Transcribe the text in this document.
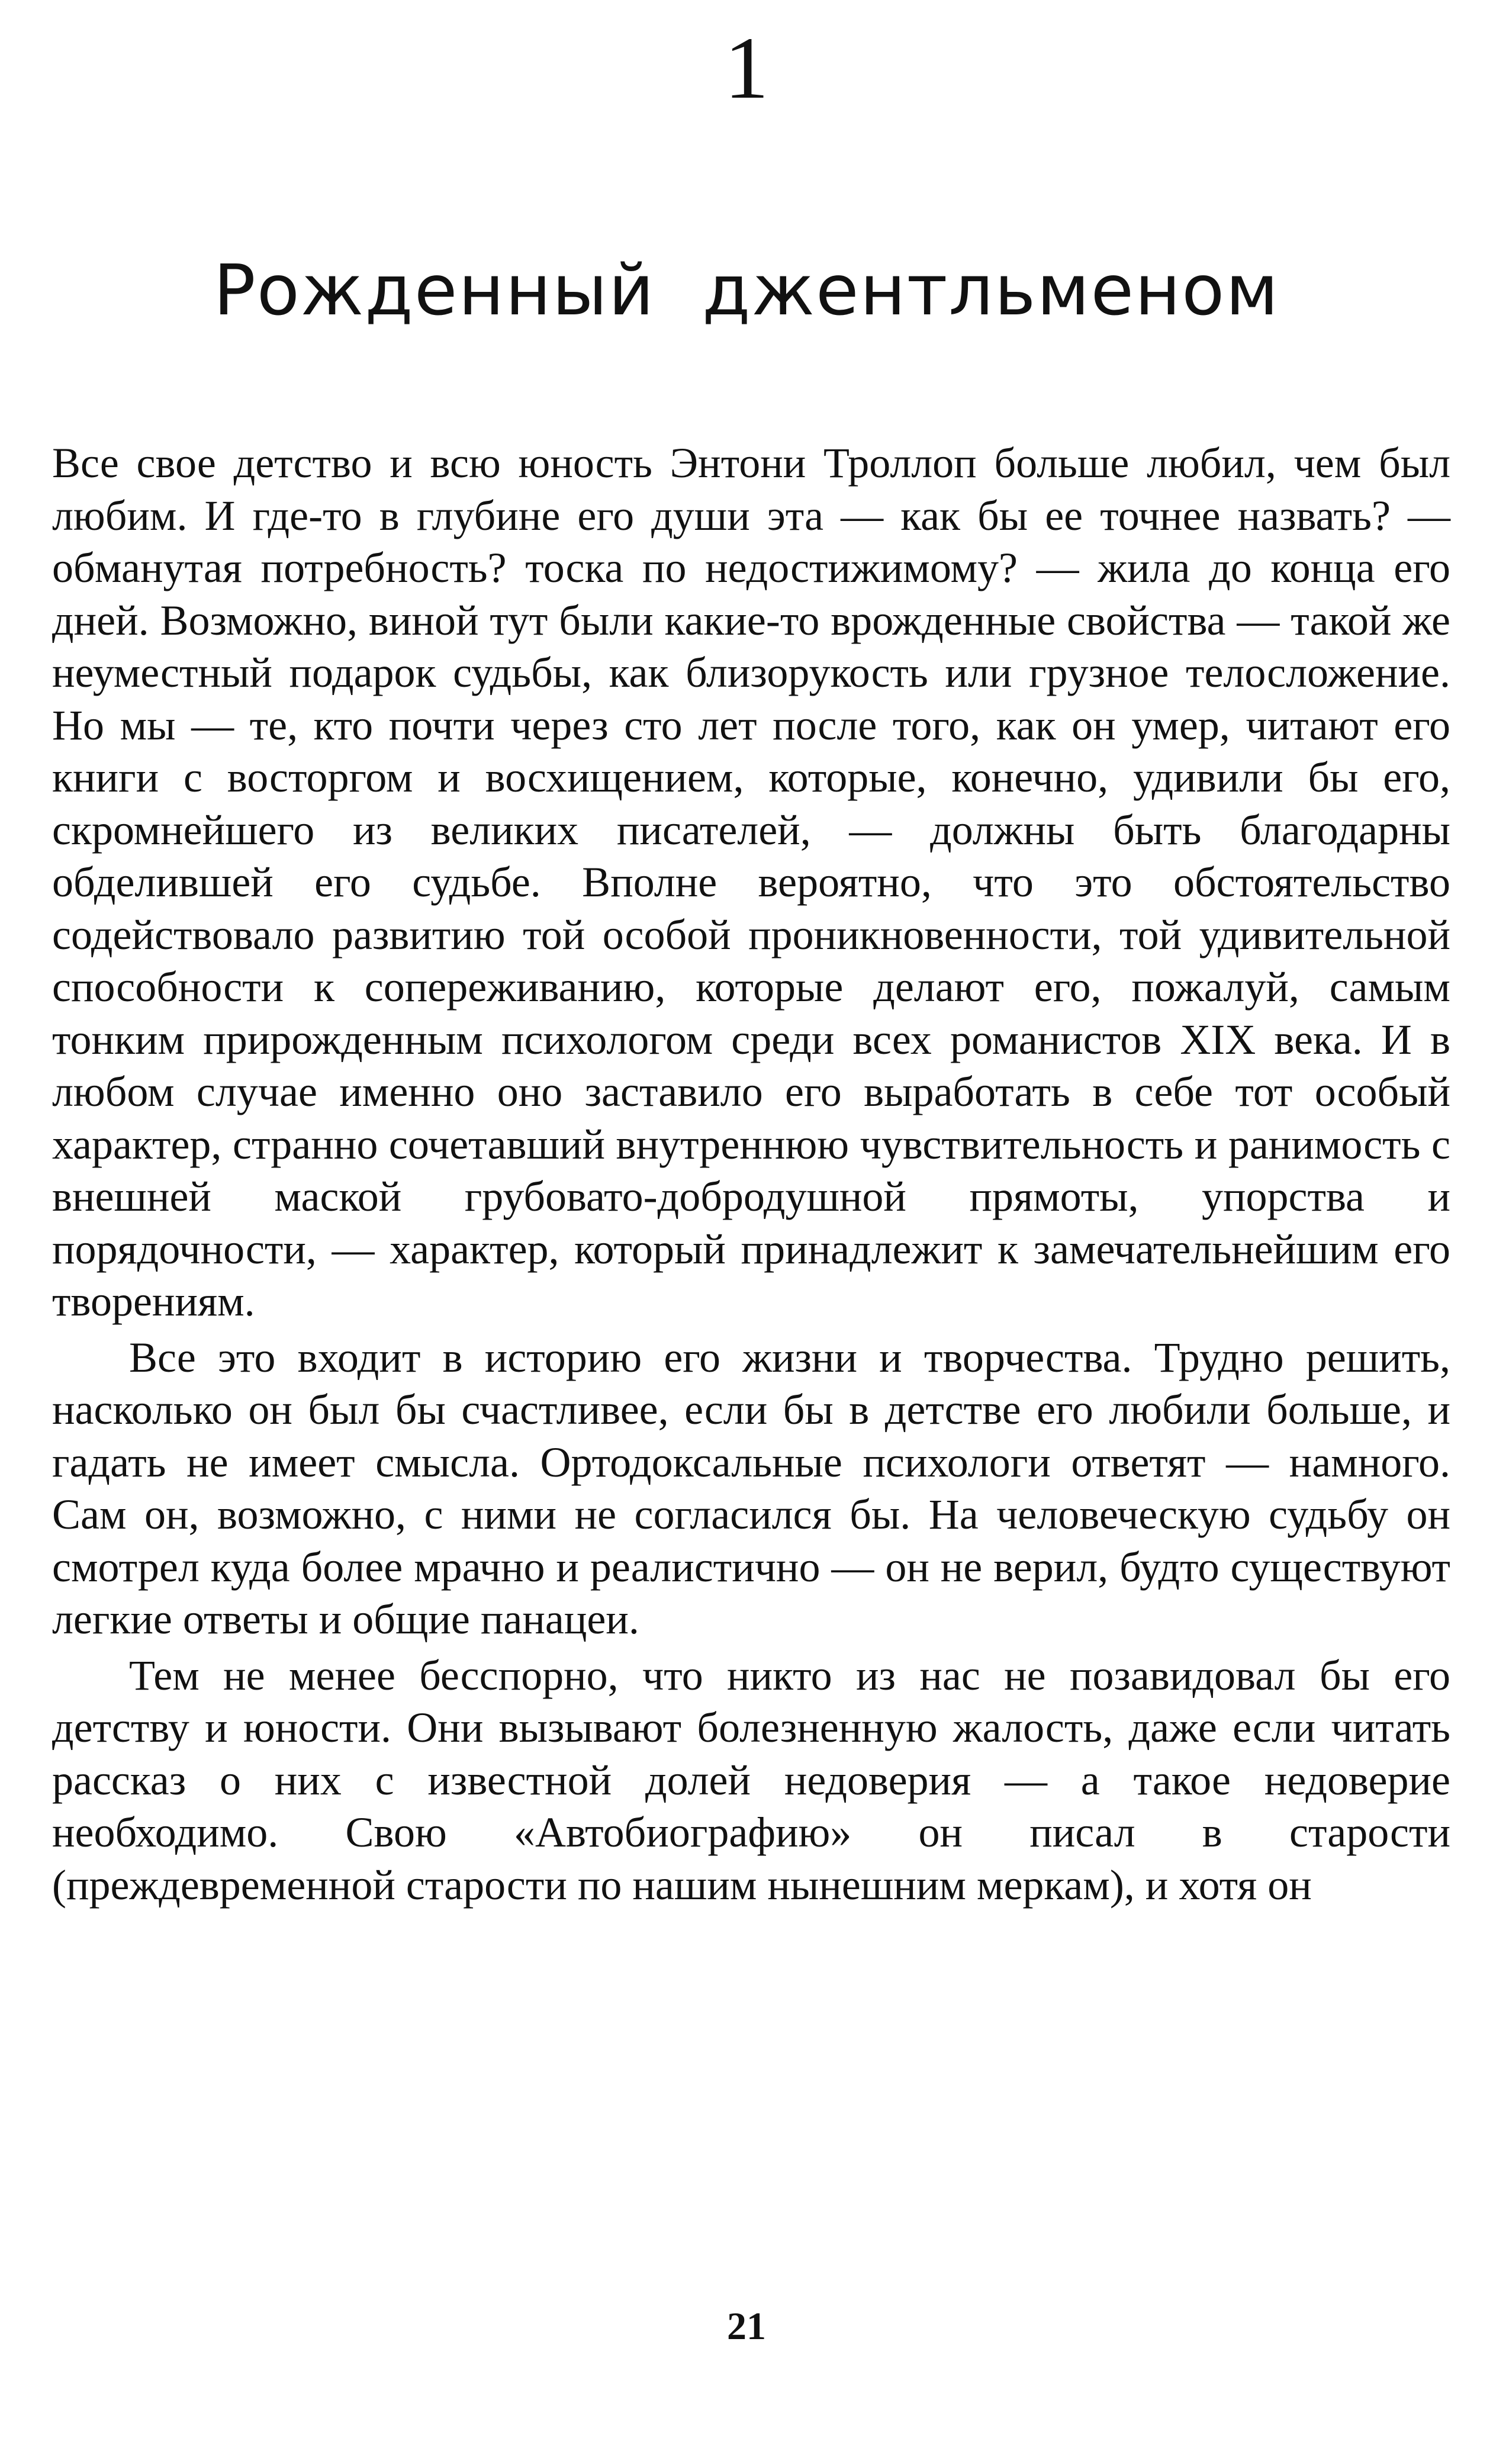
1
Рожденный джентльменом

Все свое детство и всю юность Энтони Троллоп больше любил, чем был любим. И где-то в глубине его души эта — как бы ее точнее назвать? — обманутая потребность? тоска по недостижимому? — жила до конца его дней. Возможно, виной тут были какие-то врожденные свойства — такой же неуместный подарок судьбы, как близорукость или грузное телосложение. Но мы — те, кто почти через сто лет после того, как он умер, читают его книги с восторгом и восхищением, которые, конечно, удивили бы его, скромнейшего из великих писателей, — должны быть благодарны обделившей его судьбе. Вполне вероятно, что это обстоятельство содействовало развитию той особой проникновенности, той удивительной способности к сопереживанию, которые делают его, пожалуй, самым тонким прирожденным психологом среди всех романистов XIX века. И в любом случае именно оно заставило его выработать в себе тот особый характер, странно сочетавший внутреннюю чувствительность и ранимость с внешней маской грубовато-добродушной прямоты, упорства и порядочности, — характер, который принадлежит к замечательнейшим его творениям.

Все это входит в историю его жизни и творчества. Трудно решить, насколько он был бы счастливее, если бы в детстве его любили больше, и гадать не имеет смысла. Ортодоксальные психологи ответят — намного. Сам он, возможно, с ними не согласился бы. На человеческую судьбу он смотрел куда более мрачно и реалистично — он не верил, будто существуют легкие ответы и общие панацеи.

Тем не менее бесспорно, что никто из нас не позавидовал бы его детству и юности. Они вызывают болезненную жалость, даже если читать рассказ о них с известной долей недоверия — а такое недоверие необходимо. Свою «Автобиографию» он писал в старости (преждевременной старости по нашим нынешним меркам), и хотя он

21
